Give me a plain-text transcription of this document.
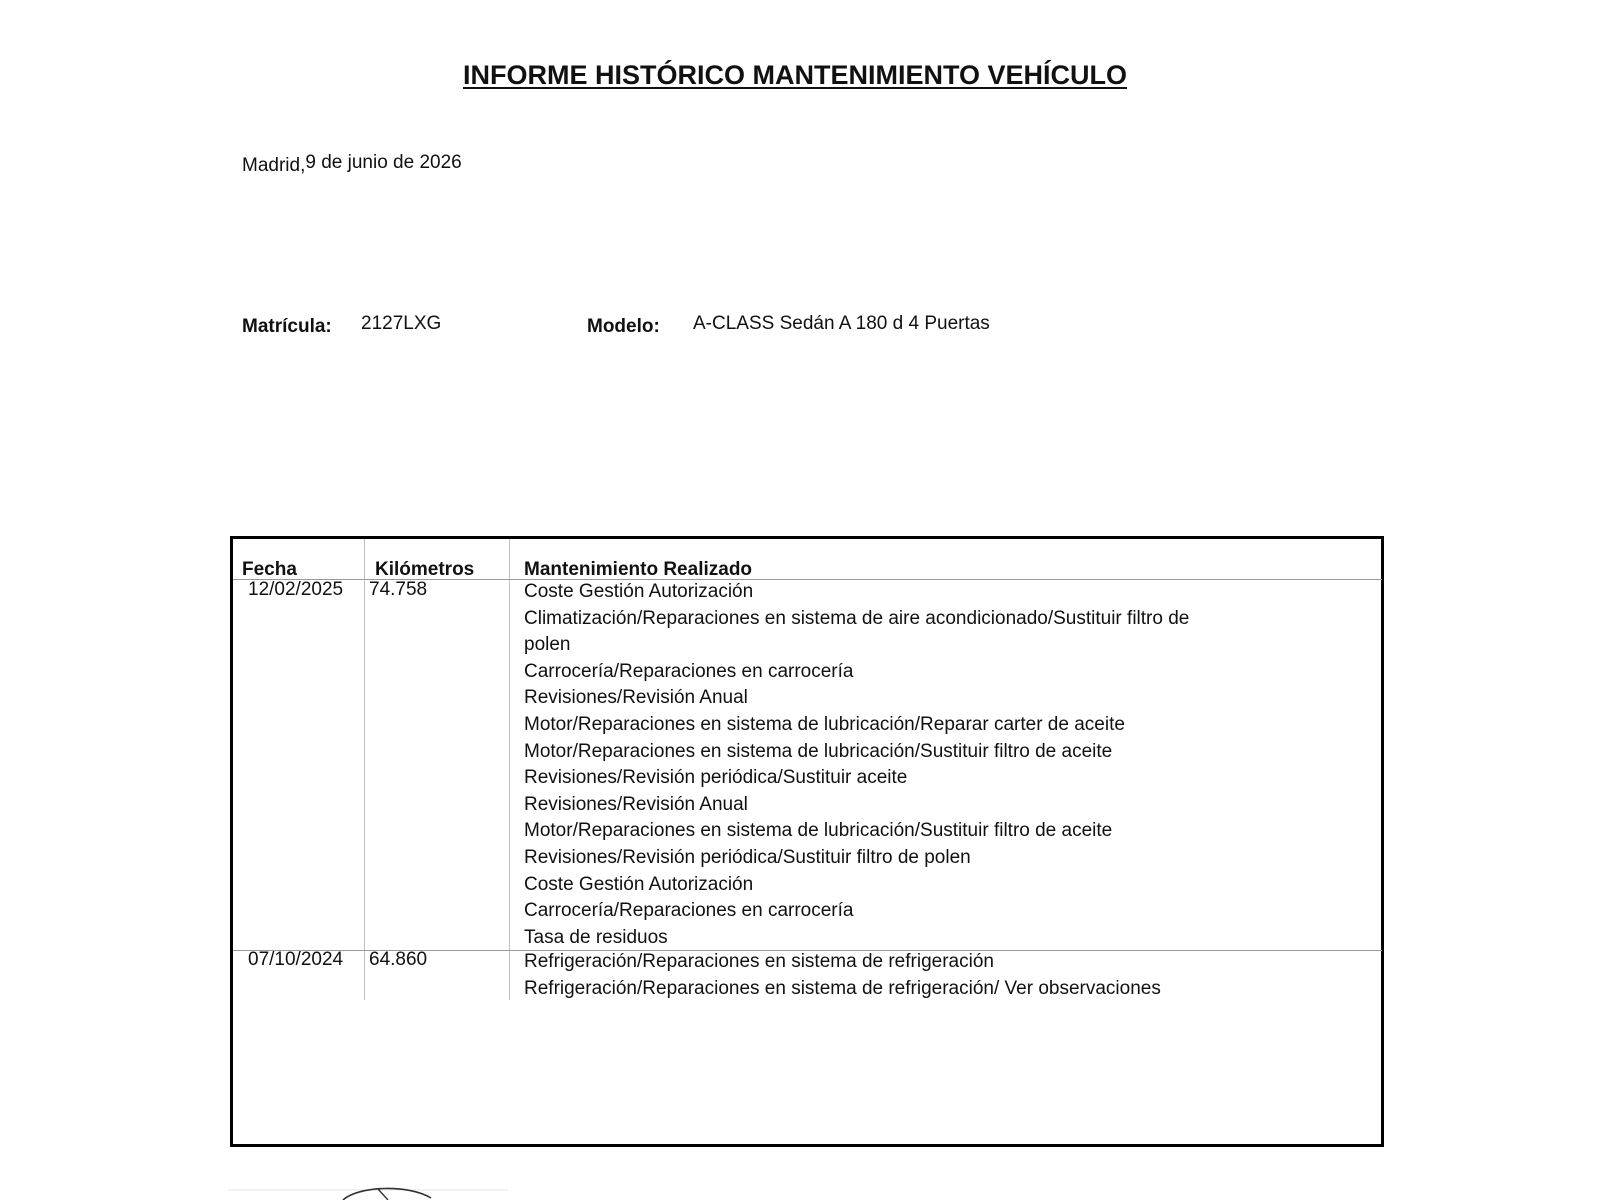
INFORME HISTÓRICO MANTENIMIENTO VEHÍCULO
Madrid,9 de junio de 2026
Matrícula: 2127LXG	Modelo: A-CLASS Sedán A 180 d 4 Puertas
Fecha	Kilómetros	Mantenimiento Realizado
12/02/2025 74.758	Coste Gestión Autorización
Climatización/Reparaciones en sistema de aire acondicionado/Sustituir filtro de
polen
Carrocería/Reparaciones en carrocería
Revisiones/Revisión Anual
Motor/Reparaciones en sistema de lubricación/Reparar carter de aceite
Motor/Reparaciones en sistema de lubricación/Sustituir filtro de aceite
Revisiones/Revisión periódica/Sustituir aceite
Revisiones/Revisión Anual
Motor/Reparaciones en sistema de lubricación/Sustituir filtro de aceite
Revisiones/Revisión periódica/Sustituir filtro de polen
Coste Gestión Autorización
Carrocería/Reparaciones en carrocería
Tasa de residuos
07/10/2024 64.860	Refrigeración/Reparaciones en sistema de refrigeración
Refrigeración/Reparaciones en sistema de refrigeración/ Ver observaciones
